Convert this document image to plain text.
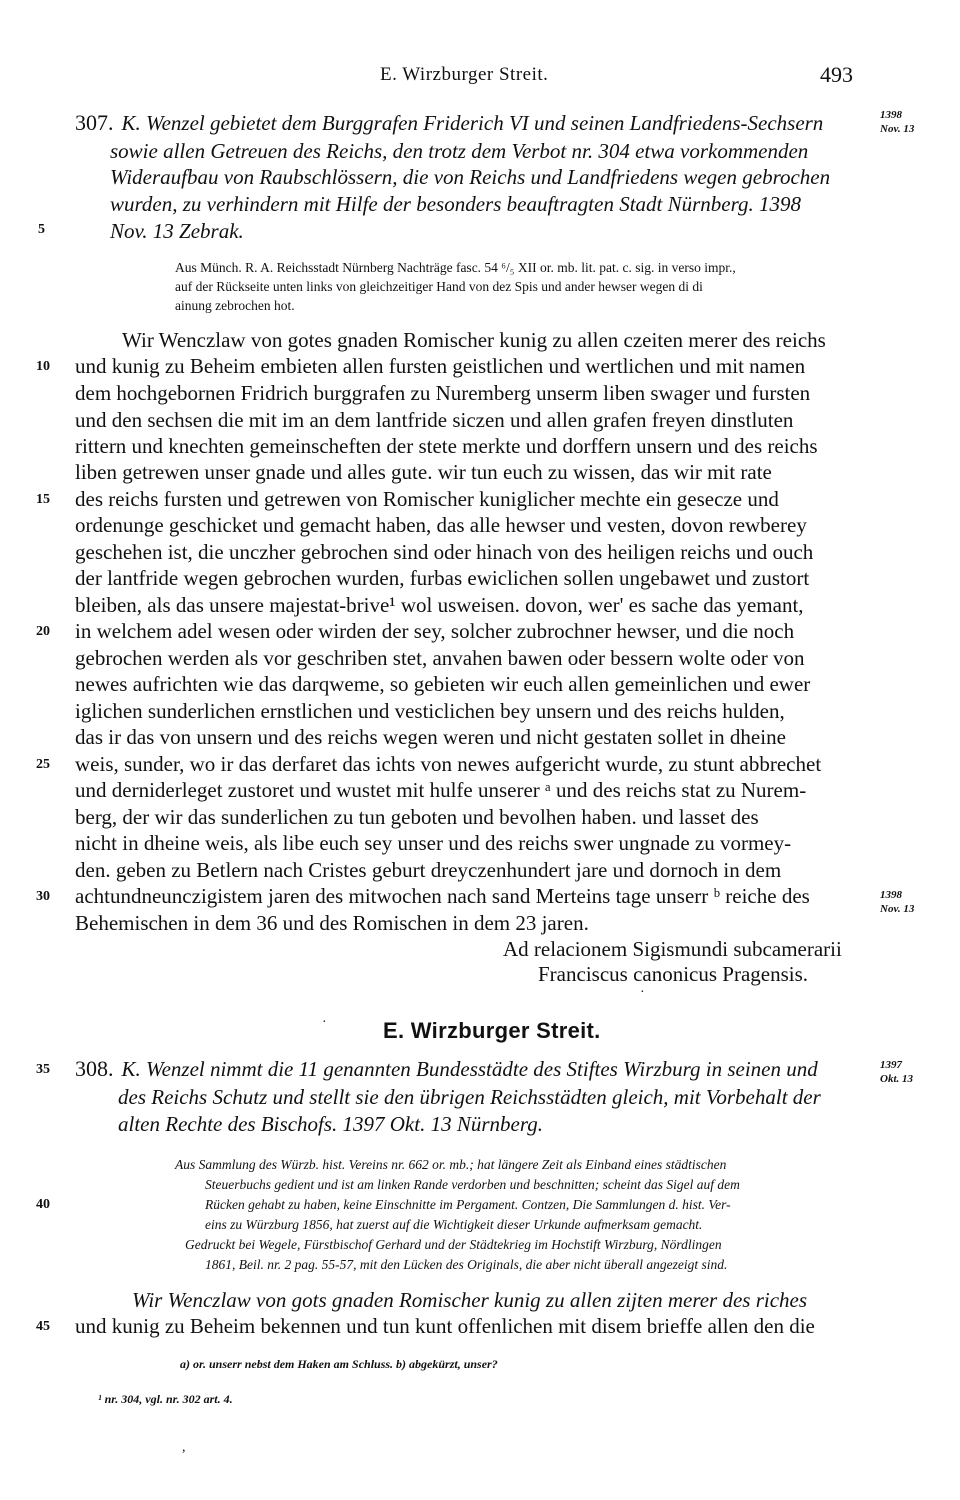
E. Wirzburger Streit.	493
307. K. Wenzel gebietet dem Burggrafen Friderich VI und seinen Landfriedens-Sechsern
sowie allen Getreuen des Reichs, den trotz dem Verbot nr. 304 etwa vorkommenden
Wideraufbau von Raubschlössern, die von Reichs und Landfriedens wegen gebrochen
wurden, zu verhindern mit Hilfe der besonders beauftragten Stadt Nürnberg. 1398
Nov. 13 Zebrak.
1398
Nov. 13
Aus Münch. R. A. Reichsstadt Nürnberg Nachträge fasc. 54 ⁶/₅ XII or. mb. lit. pat. c. sig. in verso impr.,
auf der Rückseite unten links von gleichzeitiger Hand von dez Spis und ander hewser wegen di di
ainung zebrochen hot.
Wir Wenczlaw von gotes gnaden Romischer kunig zu allen czeiten merer des reichs
und kunig zu Beheim embieten allen fursten geistlichen und wertlichen und mit namen
dem hochgebornen Fridrich burggrafen zu Nuremberg unserm liben swager und fursten
und den sechsen die mit im an dem lantfride siczen und allen grafen freyen dinstluten
rittern und knechten gemeinscheften der stete merkte und dorffern unsern und des reichs
liben getrewen unser gnade und alles gute. wir tun euch zu wissen, das wir mit rate
des reichs fursten und getrewen von Romischer kuniglicher mechte ein gesecze und
ordenunge geschicket und gemacht haben, das alle hewser und vesten, dovon rewberey
geschehen ist, die unczher gebrochen sind oder hinach von des heiligen reichs und ouch
der lantfride wegen gebrochen wurden, furbas ewiclichen sollen ungebawet und zustort
bleiben, als das unsere majestat-brive¹ wol usweisen. dovon, wer' es sache das yemant,
in welchem adel wesen oder wirden der sey, solcher zubrochner hewser, und die noch
gebrochen werden als vor geschriben stet, anvahen bawen oder bessern wolte oder von
newes aufrichten wie das darqweme, so gebieten wir euch allen gemeinlichen und ewer
iglichen sunderlichen ernstlichen und vesticlichen bey unsern und des reichs hulden,
das ir das von unsern und des reichs wegen weren und nicht gestaten sollet in dheine
weis, sunder, wo ir das derfaret das ichts von newes aufgericht wurde, zu stunt abbrechet
und derniderleget zustoret und wustet mit hulfe unserer ᵃ und des reichs stat zu Nurem-
berg, der wir das sunderlichen zu tun geboten und bevolhen haben. und lasset des
nicht in dheine weis, als libe euch sey unser und des reichs swer ungnade zu vormey-
den. geben zu Betlern nach Cristes geburt dreyczenhundert jare und dornoch in dem
achtundneunczigistem jaren des mitwochen nach sand Merteins tage unserr ᵇ reiche des
Behemischen in dem 36 und des Romischen in dem 23 jaren.
1398
Nov. 13
Ad relacionem Sigismundi subcamerarii
Franciscus canonicus Pragensis.
E. Wirzburger Streit.
308. K. Wenzel nimmt die 11 genannten Bundesstädte des Stiftes Wirzburg in seinen und
des Reichs Schutz und stellt sie den übrigen Reichsstädten gleich, mit Vorbehalt der
alten Rechte des Bischofs. 1397 Okt. 13 Nürnberg.
1397
Okt. 13
Aus Sammlung des Würzb. hist. Vereins nr. 662 or. mb.; hat längere Zeit als Einband eines städtischen
Steuerbuchs gedient und ist am linken Rande verdorben und beschnitten; scheint das Sigel auf dem
Rücken gehabt zu haben, keine Einschnitte im Pergament. Contzen, Die Sammlungen d. hist. Ver-
eins zu Würzburg 1856, hat zuerst auf die Wichtigkeit dieser Urkunde aufmerksam gemacht.
Gedruckt bei Wegele, Fürstbischof Gerhard und der Städtekrieg im Hochstift Wirzburg, Nördlingen
1861, Beil. nr. 2 pag. 55-57, mit den Lücken des Originals, die aber nicht überall angezeigt sind.
Wir Wenczlaw von gots gnaden Romischer kunig zu allen zijten merer des riches
und kunig zu Beheim bekennen und tun kunt offenlichen mit disem brieffe allen den die
5
10
15
20
25
30
35
40
45
a) or. unserr nebst dem Haken am Schluss. b) abgekürzt, unser?
¹ nr. 304, vgl. nr. 302 art. 4.
·
·
,
